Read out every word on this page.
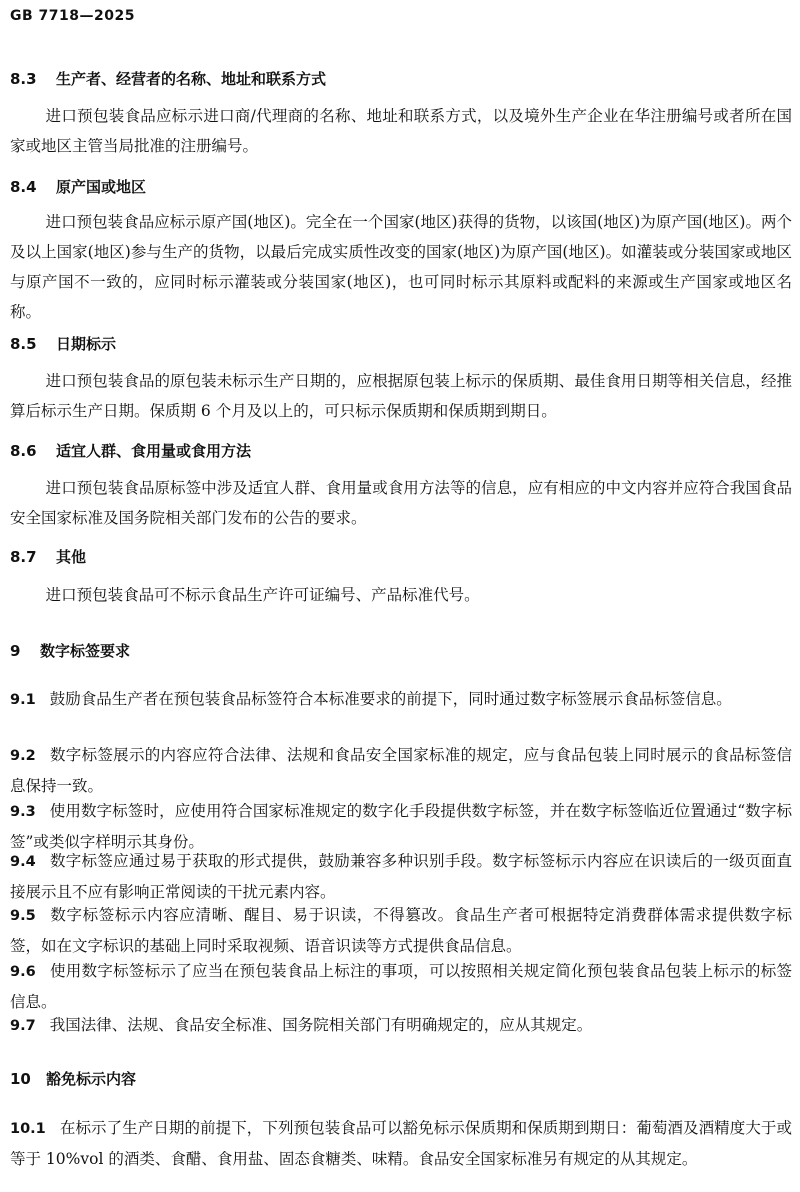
GB 7718—2025
8.3 生产者、经营者的名称、地址和联系方式
进口预包装食品应标示进口商/代理商的名称、地址和联系方式，以及境外生产企业在华注册编号或者所在国家或地区主管当局批准的注册编号。
8.4 原产国或地区
进口预包装食品应标示原产国(地区)。完全在一个国家(地区)获得的货物，以该国(地区)为原产国(地区)。两个及以上国家(地区)参与生产的货物，以最后完成实质性改变的国家(地区)为原产国(地区)。如灌装或分装国家或地区与原产国不一致的，应同时标示灌装或分装国家(地区)，也可同时标示其原料或配料的来源或生产国家或地区名称。
8.5 日期标示
进口预包装食品的原包装未标示生产日期的，应根据原包装上标示的保质期、最佳食用日期等相关信息，经推算后标示生产日期。保质期 6 个月及以上的，可只标示保质期和保质期到期日。
8.6 适宜人群、食用量或食用方法
进口预包装食品原标签中涉及适宜人群、食用量或食用方法等的信息，应有相应的中文内容并应符合我国食品安全国家标准及国务院相关部门发布的公告的要求。
8.7 其他
进口预包装食品可不标示食品生产许可证编号、产品标准代号。
9 数字标签要求
9.1 鼓励食品生产者在预包装食品标签符合本标准要求的前提下，同时通过数字标签展示食品标签信息。
9.2 数字标签展示的内容应符合法律、法规和食品安全国家标准的规定，应与食品包装上同时展示的食品标签信息保持一致。
9.3 使用数字标签时，应使用符合国家标准规定的数字化手段提供数字标签，并在数字标签临近位置通过“数字标签”或类似字样明示其身份。
9.4 数字标签应通过易于获取的形式提供，鼓励兼容多种识别手段。数字标签标示内容应在识读后的一级页面直接展示且不应有影响正常阅读的干扰元素内容。
9.5 数字标签标示内容应清晰、醒目、易于识读，不得篡改。食品生产者可根据特定消费群体需求提供数字标签，如在文字标识的基础上同时采取视频、语音识读等方式提供食品信息。
9.6 使用数字标签标示了应当在预包装食品上标注的事项，可以按照相关规定简化预包装食品包装上标示的标签信息。
9.7 我国法律、法规、食品安全标准、国务院相关部门有明确规定的，应从其规定。
10 豁免标示内容
10.1 在标示了生产日期的前提下，下列预包装食品可以豁免标示保质期和保质期到期日：葡萄酒及酒精度大于或等于 10%vol 的酒类、食醋、食用盐、固态食糖类、味精。食品安全国家标准另有规定的从其规定。
